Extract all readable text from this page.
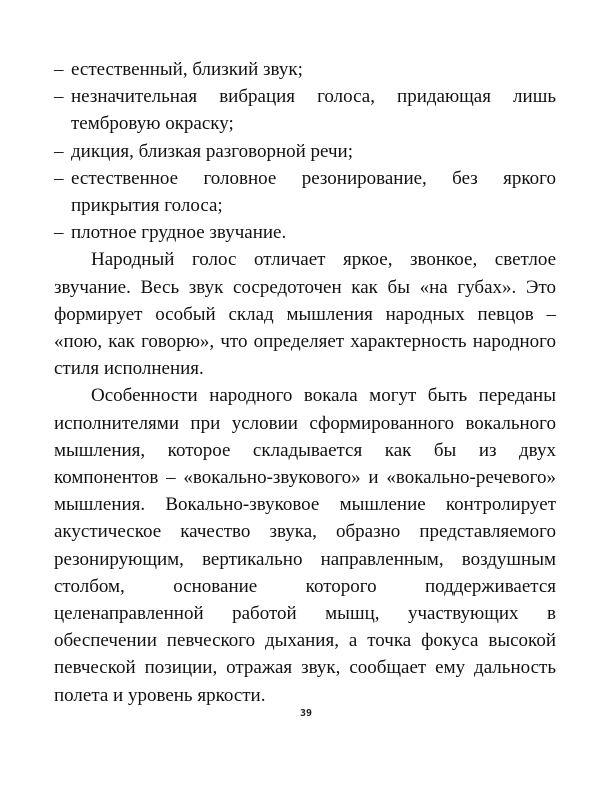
– естественный, близкий звук;
– незначительная вибрация голоса, придающая лишь тембровую окраску;
– дикция, близкая разговорной речи;
– естественное головное резонирование, без яркого прикрытия голоса;
– плотное грудное звучание.

Народный голос отличает яркое, звонкое, светлое звучание. Весь звук сосредоточен как бы «на губах». Это формирует особый склад мышления народных певцов – «пою, как говорю», что определяет характерность народного стиля исполнения.

Особенности народного вокала могут быть переданы исполнителями при условии сформированного вокального мышления, которое складывается как бы из двух компонентов – «вокально-звукового» и «вокально-речевого» мышления. Вокально-звуковое мышление контролирует акустическое качество звука, образно представляемого резонирующим, вертикально направленным, воздушным столбом, основание которого поддерживается целенаправленной работой мышц, участвующих в обеспечении певческого дыхания, а точка фокуса высокой певческой позиции, отражая звук, сообщает ему дальность полета и уровень яркости.

39
